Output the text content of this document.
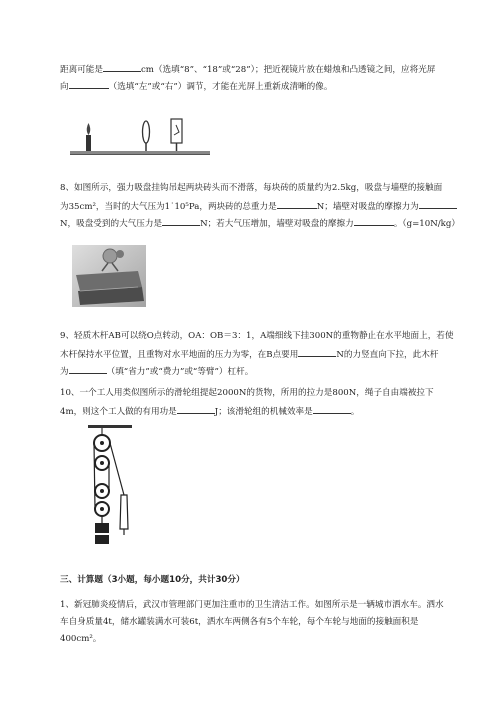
距离可能是	cm（选填“8”、“18”或“28”）；把近视镜片放在蜡烛和凸透镜之间，应将光屏
向	（选填“左”或“右”）调节，才能在光屏上重新成清晰的像。
8、如图所示，强力吸盘挂钩吊起两块砖头而不滑落，每块砖的质量约为2.5kg，吸盘与墙壁的接触面
为35cm²，当时的大气压为1˙10⁵Pa，两块砖的总重力是	N；墙壁对吸盘的摩擦力为
N，吸盘受到的大气压力是	N；若大气压增加，墙壁对吸盘的摩擦力	。（g=10N/kg）
9、轻质木杆AB可以绕O点转动，OA：OB＝3：1，A端细线下挂300N的重物静止在水平地面上，若使
木杆保持水平位置，且重物对水平地面的压力为零，在B点要用	N的力竖直向下拉，此木杆
为	（填“省力”或“费力”或“等臂”）杠杆。
10、一个工人用类似图所示的滑轮组提起2000N的货物，所用的拉力是800N，绳子自由端被拉下
4m，则这个工人做的有用功是	J；该滑轮组的机械效率是	。
三、计算题（3小题，每小题10分，共计30分）
1、新冠肺炎疫情后，武汉市管理部门更加注重市的卫生清洁工作。如图所示是一辆城市洒水车。洒水
车自身质量4t，储水罐装满水可装6t，洒水车两侧各有5个车轮，每个车轮与地面的接触面积是
400cm²。
